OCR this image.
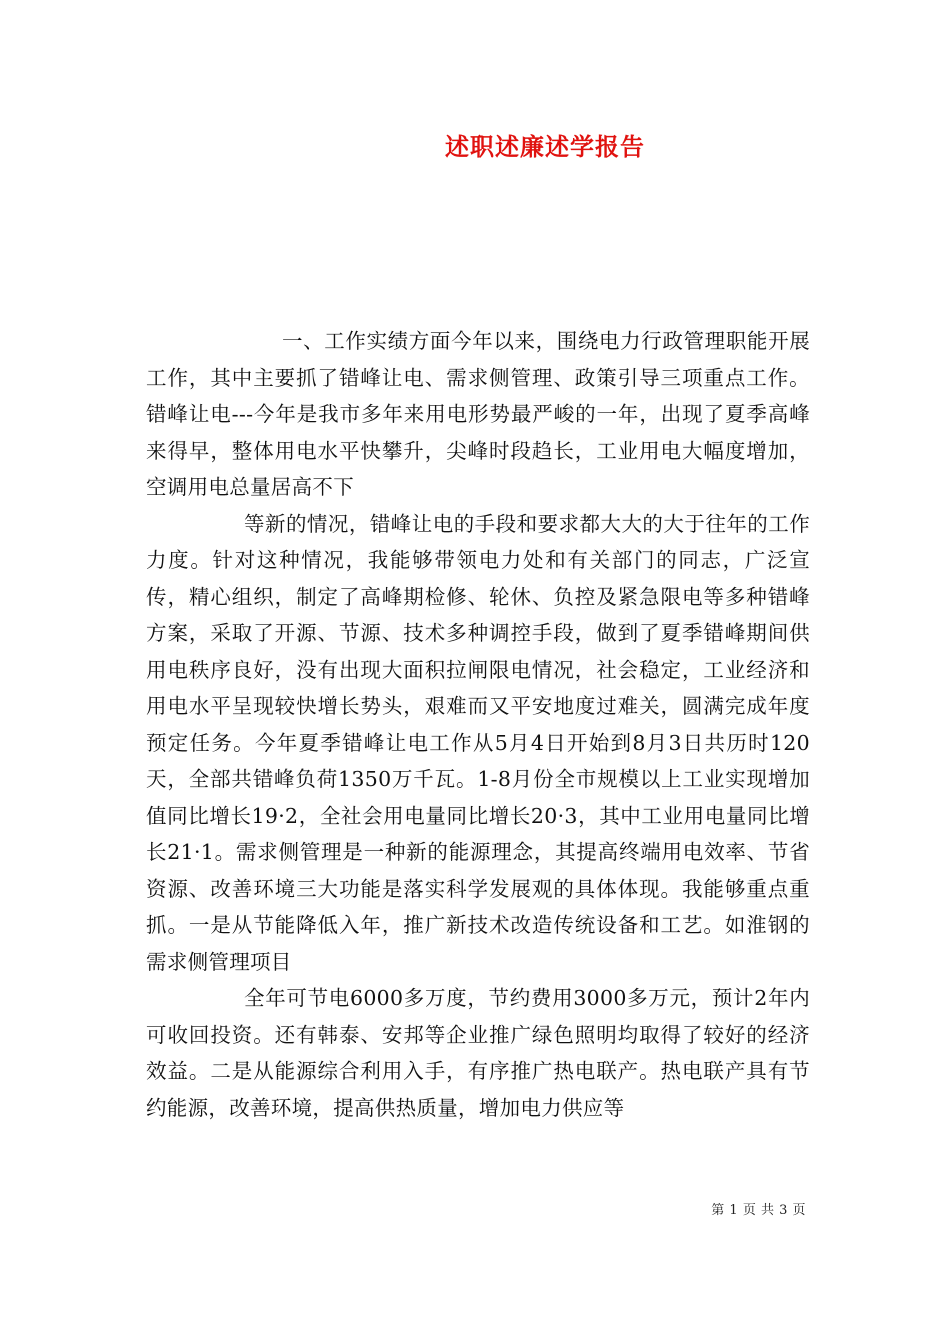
述职述廉述学报告

一、工作实绩方面今年以来，围绕电力行政管理职能开展工作，其中主要抓了错峰让电、需求侧管理、政策引导三项重点工作。错峰让电---今年是我市多年来用电形势最严峻的一年，出现了夏季高峰来得早，整体用电水平快攀升，尖峰时段趋长，工业用电大幅度增加，空调用电总量居高不下

等新的情况，错峰让电的手段和要求都大大的大于往年的工作力度。针对这种情况，我能够带领电力处和有关部门的同志，广泛宣传，精心组织，制定了高峰期检修、轮休、负控及紧急限电等多种错峰方案，采取了开源、节源、技术多种调控手段，做到了夏季错峰期间供用电秩序良好，没有出现大面积拉闸限电情况，社会稳定，工业经济和用电水平呈现较快增长势头，艰难而又平安地度过难关，圆满完成年度预定任务。今年夏季错峰让电工作从5月4日开始到8月3日共历时120天，全部共错峰负荷1350万千瓦。1-8月份全市规模以上工业实现增加值同比增长19·2，全社会用电量同比增长20·3，其中工业用电量同比增长21·1。需求侧管理是一种新的能源理念，其提高终端用电效率、节省资源、改善环境三大功能是落实科学发展观的具体体现。我能够重点重抓。一是从节能降低入年，推广新技术改造传统设备和工艺。如淮钢的需求侧管理项目

全年可节电6000多万度，节约费用3000多万元，预计2年内可收回投资。还有韩泰、安邦等企业推广绿色照明均取得了较好的经济效益。二是从能源综合利用入手，有序推广热电联产。热电联产具有节约能源，改善环境，提高供热质量，增加电力供应等

第 1 页 共 3 页
